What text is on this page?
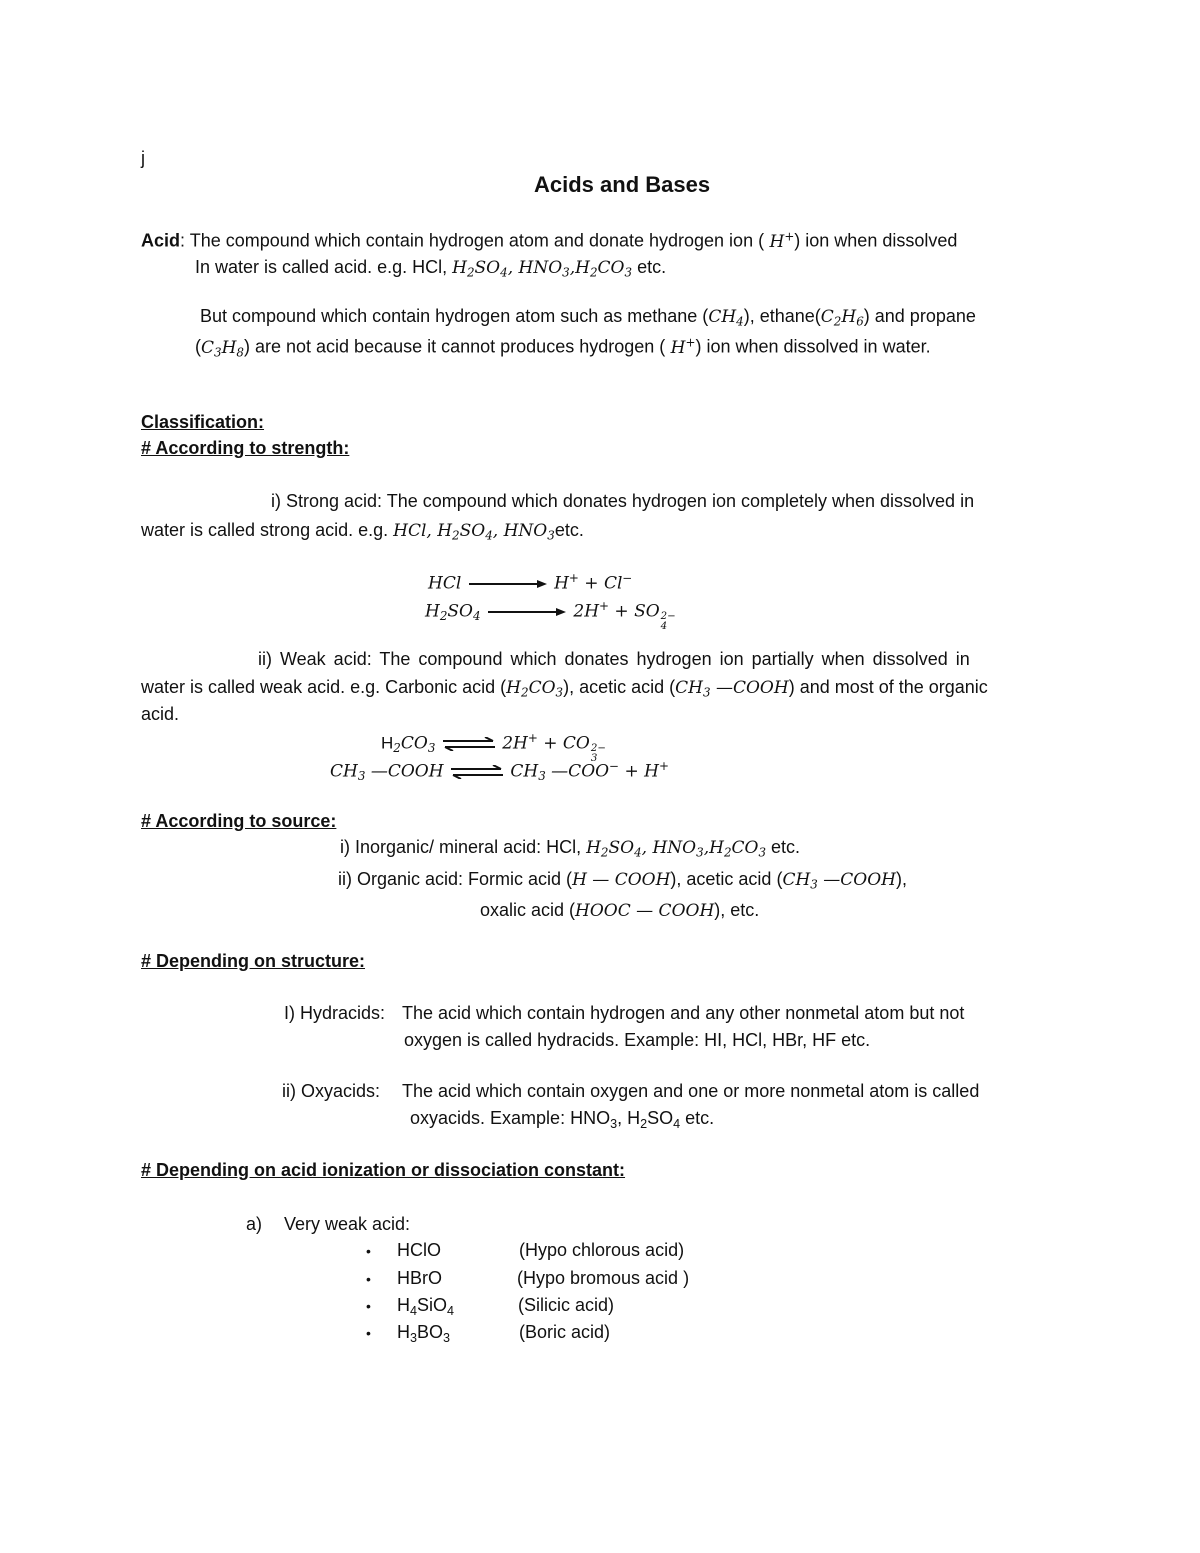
j
Acids and Bases
Acid: The compound which contain hydrogen atom and donate hydrogen ion ( H+) ion when dissolved
In water is called acid. e.g. HCl, $H_2SO_4$, $HNO_3,H_2CO_3$ etc.
But compound which contain hydrogen atom such as methane $(CH_4)$, $ethane(C_2H_6)$ and propane
$(C_3H_8)$ are not acid because it cannot produces hydrogen ( H+) ion when dissolved in water.
Classification:
# According to strength:
i) Strong acid: The compound which donates hydrogen ion completely when dissolved in
water is called strong acid. e.g. HCl, $H_2SO_4$, $HNO_3etc$.
HCl	H+ + Cl−
$H_2SO_4$	2H+ + SO 2−
4
ii) Weak acid: The compound which donates hydrogen ion partially when dissolved in
water is called weak acid. e.g. Carbonic acid $(H_2CO_3)$, acetic acid ($CH_3$ —COOH) and most of the organic
acid.
$H_2CO_3$ ⇌ 2H+ + CO 2−
3
$CH_3$ —COOH ⇌ $CH_3$ —COO− + H+
# According to source:
i) Inorganic/ mineral acid: HCl, $H_2SO_4$, $HNO_3,H_2CO_3$ etc.
ii) Organic acid: Formic acid (H — COOH), acetic acid ($CH_3$ —COOH),
oxalic acid (HOOC — COOH), etc.
# Depending on structure:
I) Hydracids: The acid which contain hydrogen and any other nonmetal atom but not
oxygen is called hydracids. Example: HI, HCl, HBr, HF etc.
ii) Oxyacids: The acid which contain oxygen and one or more nonmetal atom is called
oxyacids. Example: $HNO_3$, $H_2SO_4$ etc.
# Depending on acid ionization or dissociation constant:
a) Very weak acid:
• HClO	(Hypo chlorous acid)
• HBrO	(Hypo bromous acid )
• $H_4SiO_4$	(Silicic acid)
• $H_3BO_3$	(Boric acid)
